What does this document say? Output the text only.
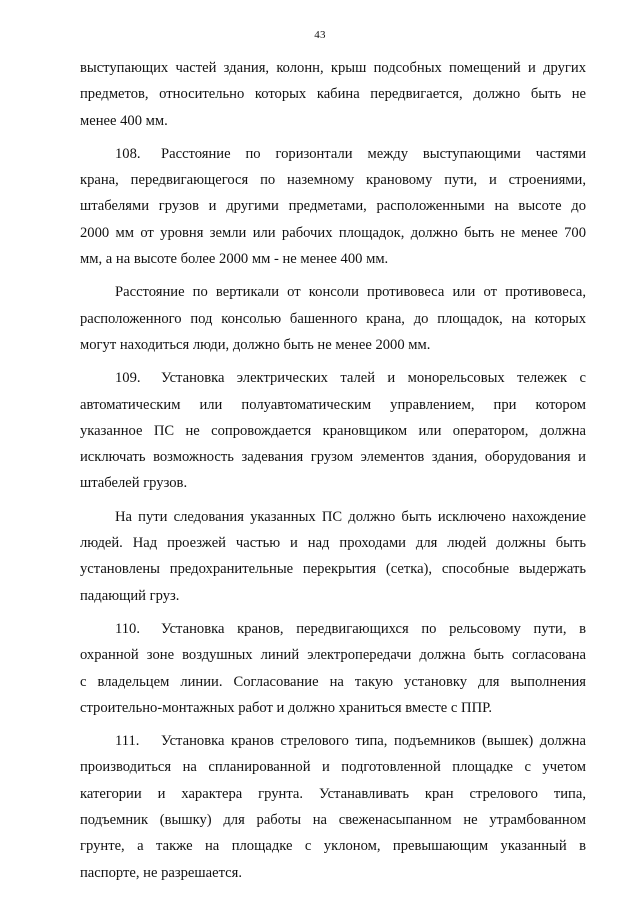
43
выступающих частей здания, колонн, крыш подсобных помещений и других
предметов, относительно которых кабина передвигается, должно быть не
менее 400 мм.
108. Расстояние по горизонтали между выступающими частями
крана, передвигающегося по наземному крановому пути, и строениями,
штабелями грузов и другими предметами, расположенными на высоте до
2000 мм от уровня земли или рабочих площадок, должно быть не менее 700
мм, а на высоте более 2000 мм - не менее 400 мм.
Расстояние по вертикали от консоли противовеса или от противовеса,
расположенного под консолью башенного крана, до площадок, на которых
могут находиться люди, должно быть не менее 2000 мм.
109. Установка электрических талей и монорельсовых тележек с
автоматическим или полуавтоматическим управлением, при котором
указанное ПС не сопровождается крановщиком или оператором, должна
исключать возможность задевания грузом элементов здания, оборудования и
штабелей грузов.
На пути следования указанных ПС должно быть исключено нахождение
людей. Над проезжей частью и над проходами для людей должны быть
установлены предохранительные перекрытия (сетка), способные выдержать
падающий груз.
110. Установка кранов, передвигающихся по рельсовому пути, в
охранной зоне воздушных линий электропередачи должна быть согласована
с владельцем линии. Согласование на такую установку для выполнения
строительно-монтажных работ и должно храниться вместе с ППР.
111. Установка кранов стрелового типа, подъемников (вышек) должна
производиться на спланированной и подготовленной площадке с учетом
категории и характера грунта. Устанавливать кран стрелового типа,
подъемник (вышку) для работы на свеженасыпанном не утрамбованном
грунте, а также на площадке с уклоном, превышающим указанный в
паспорте, не разрешается.
